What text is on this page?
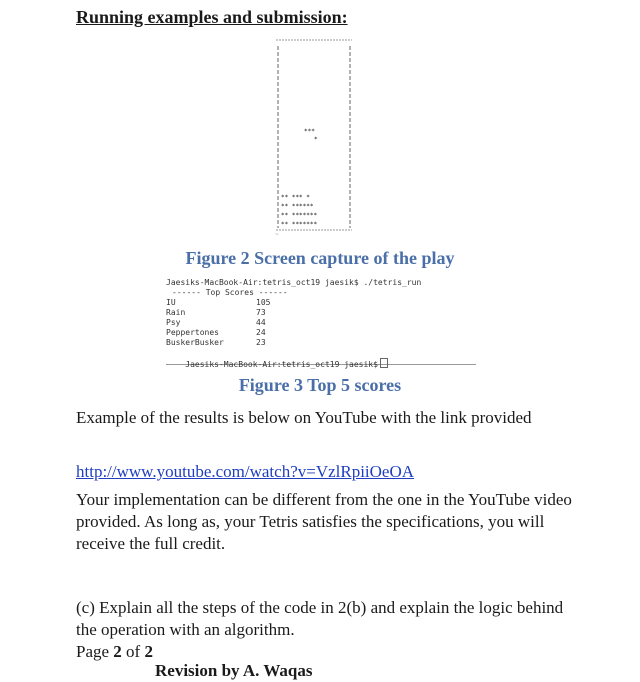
Running examples and submission:
***
*
** *** *
** ******
** *******
** *******
~

Figure 2 Screen capture of the play

Jaesiks-MacBook-Air:tetris_oct19 jaesik$ ./tetris_run
------ Top Scores ------
IU	105
Rain	73
Psy	44
Peppertones	24
BuskerBusker	23

Jaesiks-MacBook-Air:tetris_oct19 jaesik$

Figure 3 Top 5 scores

Example of the results is below on YouTube with the link provided

http://www.youtube.com/watch?v=VzlRpiiOeOA

Your implementation can be different from the one in the YouTube video provided. As long as, your Tetris satisfies the specifications, you will receive the full credit.

(c) Explain all the steps of the code in 2(b) and explain the logic behind the operation with an algorithm.

Page 2 of 2

Revision by A. Waqas
